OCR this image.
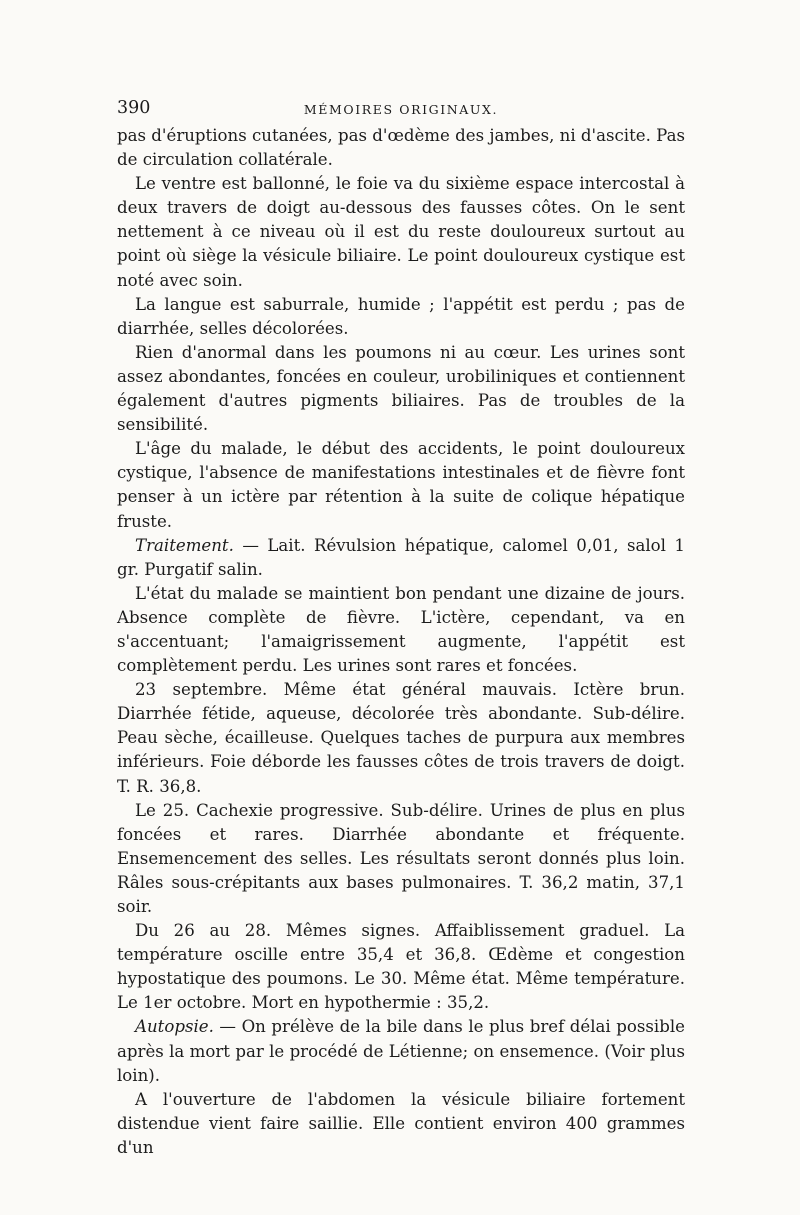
390	MÉMOIRES ORIGINAUX.

pas d'éruptions cutanées, pas d'œdème des jambes, ni d'ascite. Pas de circulation collatérale.

Le ventre est ballonné, le foie va du sixième espace intercostal à deux travers de doigt au-dessous des fausses côtes. On le sent nettement à ce niveau où il est du reste douloureux surtout au point où siège la vésicule biliaire. Le point douloureux cystique est noté avec soin.

La langue est saburrale, humide ; l'appétit est perdu ; pas de diarrhée, selles décolorées.

Rien d'anormal dans les poumons ni au cœur. Les urines sont assez abondantes, foncées en couleur, urobiliniques et contiennent également d'autres pigments biliaires. Pas de troubles de la sensibilité.

L'âge du malade, le début des accidents, le point douloureux cystique, l'absence de manifestations intestinales et de fièvre font penser à un ictère par rétention à la suite de colique hépatique fruste.

Traitement. — Lait. Révulsion hépatique, calomel 0,01, salol 1 gr. Purgatif salin.

L'état du malade se maintient bon pendant une dizaine de jours. Absence complète de fièvre. L'ictère, cependant, va en s'accentuant; l'amaigrissement augmente, l'appétit est complètement perdu. Les urines sont rares et foncées.

23 septembre. Même état général mauvais. Ictère brun. Diarrhée fétide, aqueuse, décolorée très abondante. Sub-délire. Peau sèche, écailleuse. Quelques taches de purpura aux membres inférieurs. Foie déborde les fausses côtes de trois travers de doigt. T. R. 36,8.

Le 25. Cachexie progressive. Sub-délire. Urines de plus en plus foncées et rares. Diarrhée abondante et fréquente. Ensemencement des selles. Les résultats seront donnés plus loin. Râles sous-crépitants aux bases pulmonaires. T. 36,2 matin, 37,1 soir.

Du 26 au 28. Mêmes signes. Affaiblissement graduel. La température oscille entre 35,4 et 36,8. Œdème et congestion hypostatique des poumons. Le 30. Même état. Même température. Le 1er octobre. Mort en hypothermie : 35,2.

Autopsie. — On prélève de la bile dans le plus bref délai possible après la mort par le procédé de Létienne; on ensemence. (Voir plus loin).

A l'ouverture de l'abdomen la vésicule biliaire fortement distendue vient faire saillie. Elle contient environ 400 grammes d'un
